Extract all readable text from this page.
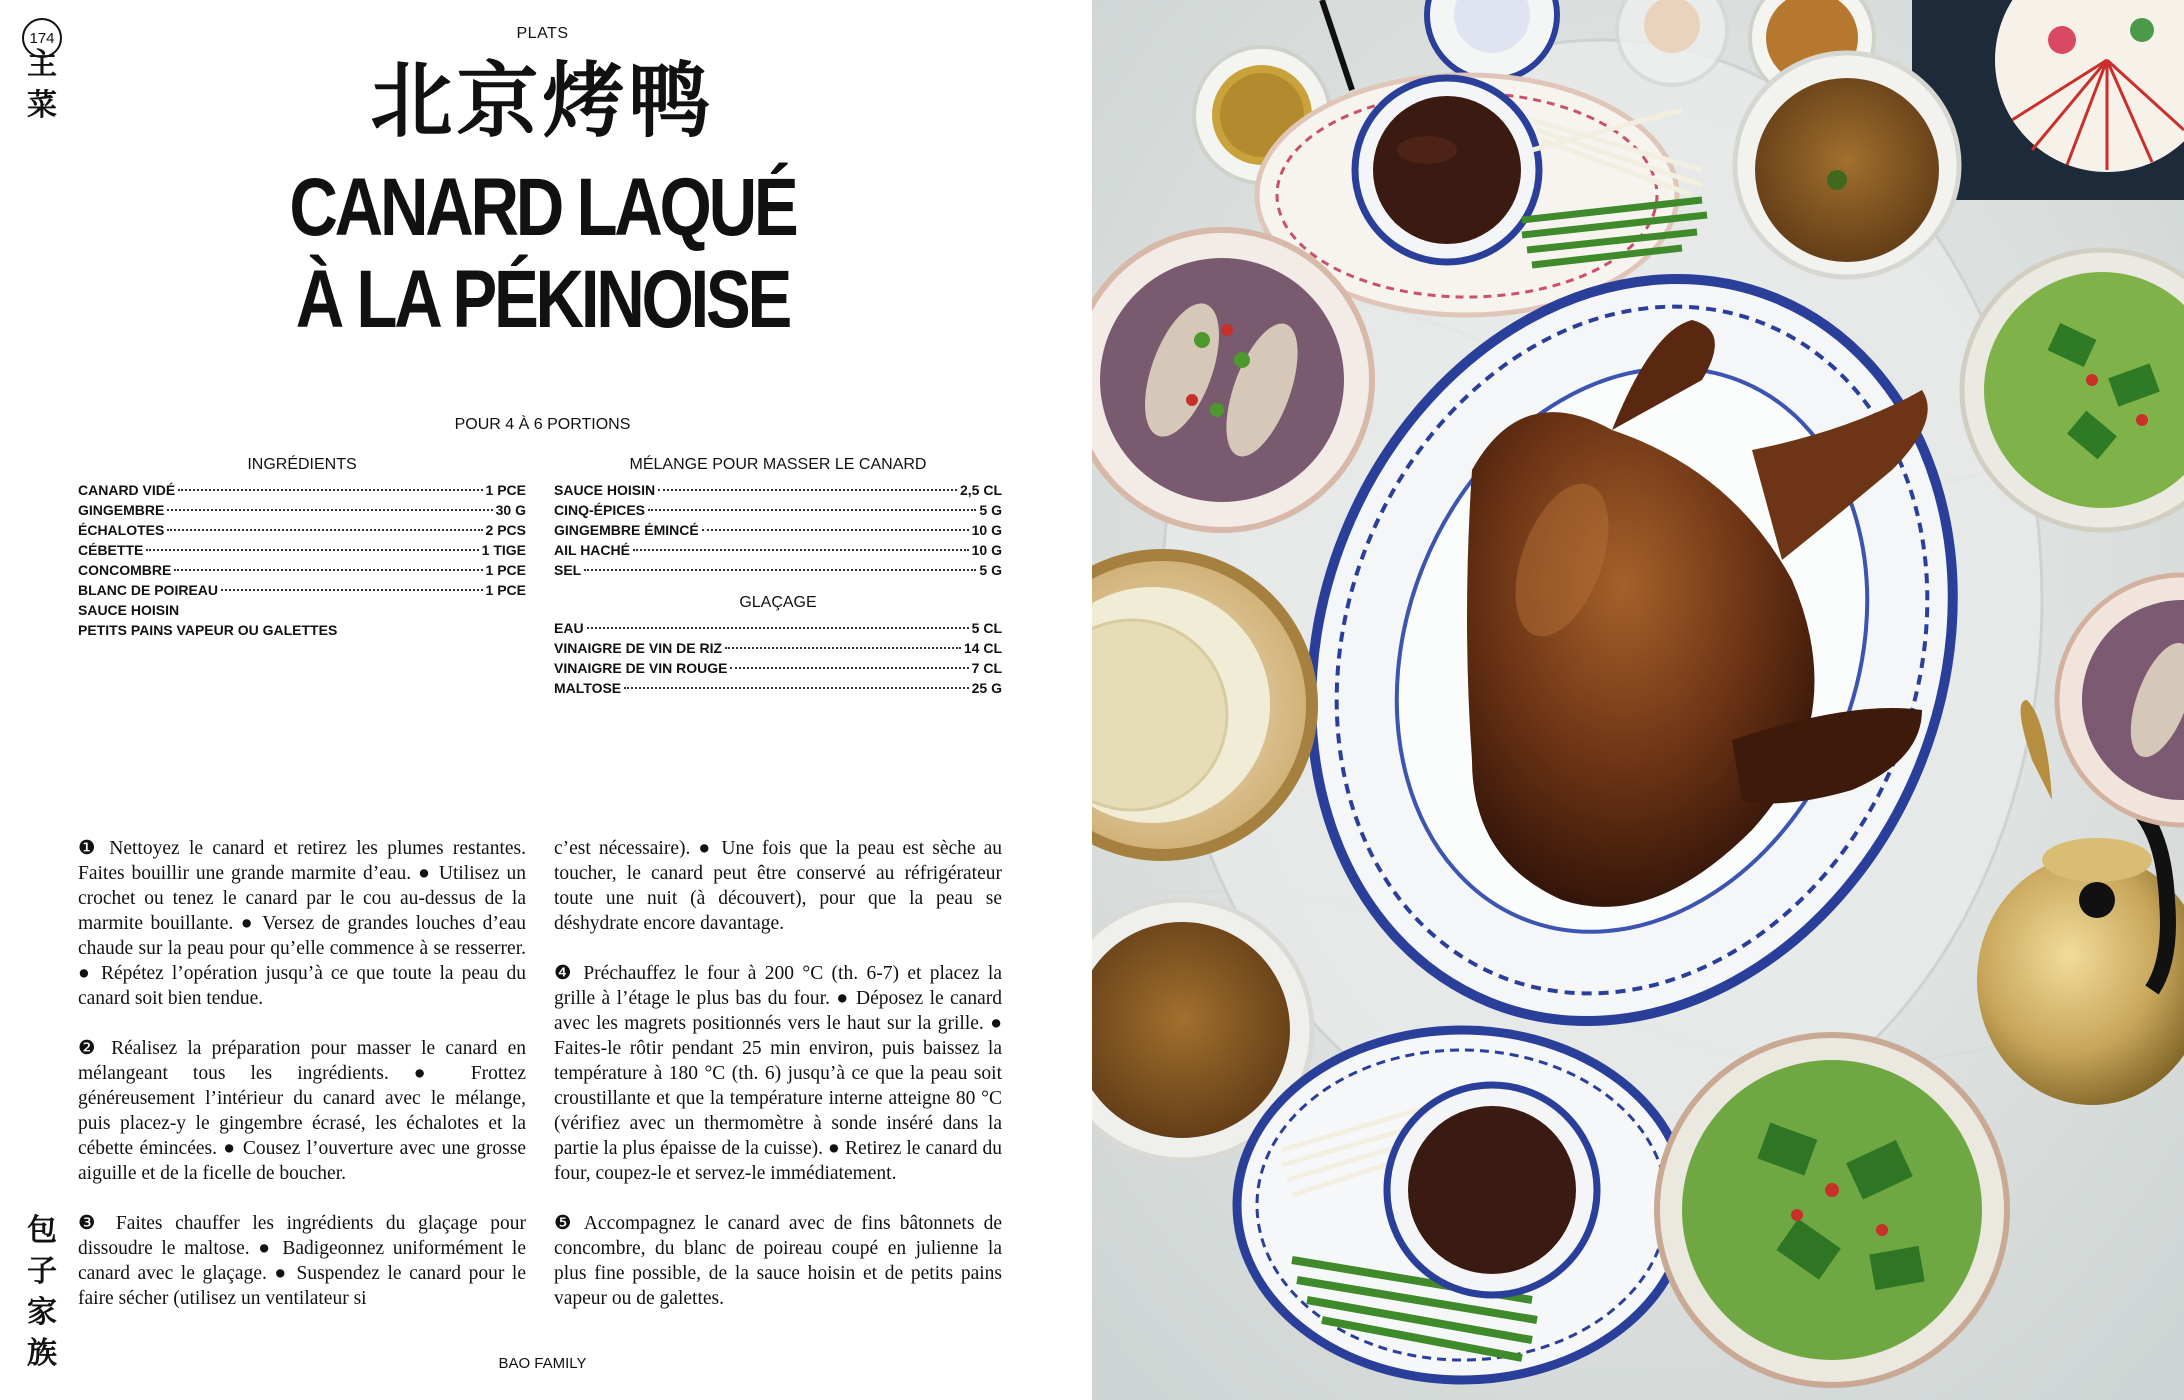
174
主
菜
包
子
家
族
PLATS
北京烤鸭
CANARD LAQUÉ
À LA PÉKINOISE
POUR 4 À 6 PORTIONS
INGRÉDIENTS
CANARD VIDÉ	1 PCE
GINGEMBRE	30 G
ÉCHALOTES	2 PCS
CÉBETTE	1 TIGE
CONCOMBRE	1 PCE
BLANC DE POIREAU	1 PCE
SAUCE HOISIN
PETITS PAINS VAPEUR OU GALETTES
MÉLANGE POUR MASSER LE CANARD
SAUCE HOISIN	2,5 CL
CINQ-ÉPICES	5 G
GINGEMBRE ÉMINCÉ	10 G
AIL HACHÉ	10 G
SEL	5 G
GLAÇAGE
EAU	5 CL
VINAIGRE DE VIN DE RIZ	14 CL
VINAIGRE DE VIN ROUGE	7 CL
MALTOSE	25 G

❶ Nettoyez le canard et retirez les plumes restantes. Faites bouillir une grande marmite d’eau. ● Utilisez un crochet ou tenez le canard par le cou au-dessus de la marmite bouillante. ● Versez de grandes louches d’eau chaude sur la peau pour qu’elle commence à se resserrer. ● Répétez l’opération jusqu’à ce que toute la peau du canard soit bien tendue.

❷ Réalisez la préparation pour masser le canard en mélangeant tous les ingrédients. ● Frottez généreusement l’intérieur du canard avec le mélange, puis placez-y le gingembre écrasé, les échalotes et la cébette émincées. ● Cousez l’ouverture avec une grosse aiguille et de la ficelle de boucher.

❸ Faites chauffer les ingrédients du glaçage pour dissoudre le maltose. ● Badigeonnez uniformément le canard avec le glaçage. ● Suspendez le canard pour le faire sécher (utilisez un ventilateur si

c’est nécessaire). ● Une fois que la peau est sèche au toucher, le canard peut être conservé au réfrigérateur toute une nuit (à découvert), pour que la peau se déshydrate encore davantage.

❹ Préchauffez le four à 200 °C (th. 6-7) et placez la grille à l’étage le plus bas du four. ● Déposez le canard avec les magrets positionnés vers le haut sur la grille. ● Faites-le rôtir pendant 25 min environ, puis baissez la température à 180 °C (th. 6) jusqu’à ce que la peau soit croustillante et que la température interne atteigne 80 °C (vérifiez avec un thermomètre à sonde inséré dans la partie la plus épaisse de la cuisse). ● Retirez le canard du four, coupez-le et servez-le immédiatement.

❺ Accompagnez le canard avec de fins bâtonnets de concombre, du blanc de poireau coupé en julienne la plus fine possible, de la sauce hoisin et de petits pains vapeur ou de galettes.

BAO FAMILY
